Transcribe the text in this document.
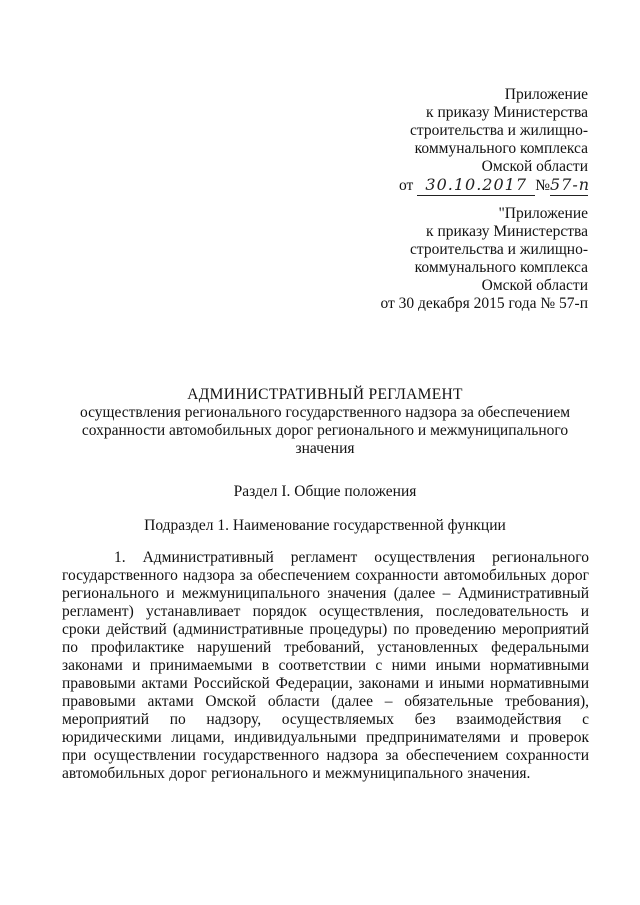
Приложение
к приказу Министерства
строительства и жилищно-
коммунального комплекса
Омской области
от 30.10.2017 №57-п
"Приложение
к приказу Министерства
строительства и жилищно-
коммунального комплекса
Омской области
от 30 декабря 2015 года № 57-п
АДМИНИСТРАТИВНЫЙ РЕГЛАМЕНТ
осуществления регионального государственного надзора за обеспечением
сохранности автомобильных дорог регионального и межмуниципального
значения
Раздел I. Общие положения
Подраздел 1. Наименование государственной функции
1. Административный регламент осуществления регионального государственного надзора за обеспечением сохранности автомобильных дорог регионального и межмуниципального значения (далее – Административный регламент) устанавливает порядок осуществления, последовательность и сроки действий (административные процедуры) по проведению мероприятий по профилактике нарушений требований, установленных федеральными законами и принимаемыми в соответствии с ними иными нормативными правовыми актами Российской Федерации, законами и иными нормативными правовыми актами Омской области (далее – обязательные требования), мероприятий по надзору, осуществляемых без взаимодействия с юридическими лицами, индивидуальными предпринимателями и проверок при осуществлении государственного надзора за обеспечением сохранности автомобильных дорог регионального и межмуниципального значения.
